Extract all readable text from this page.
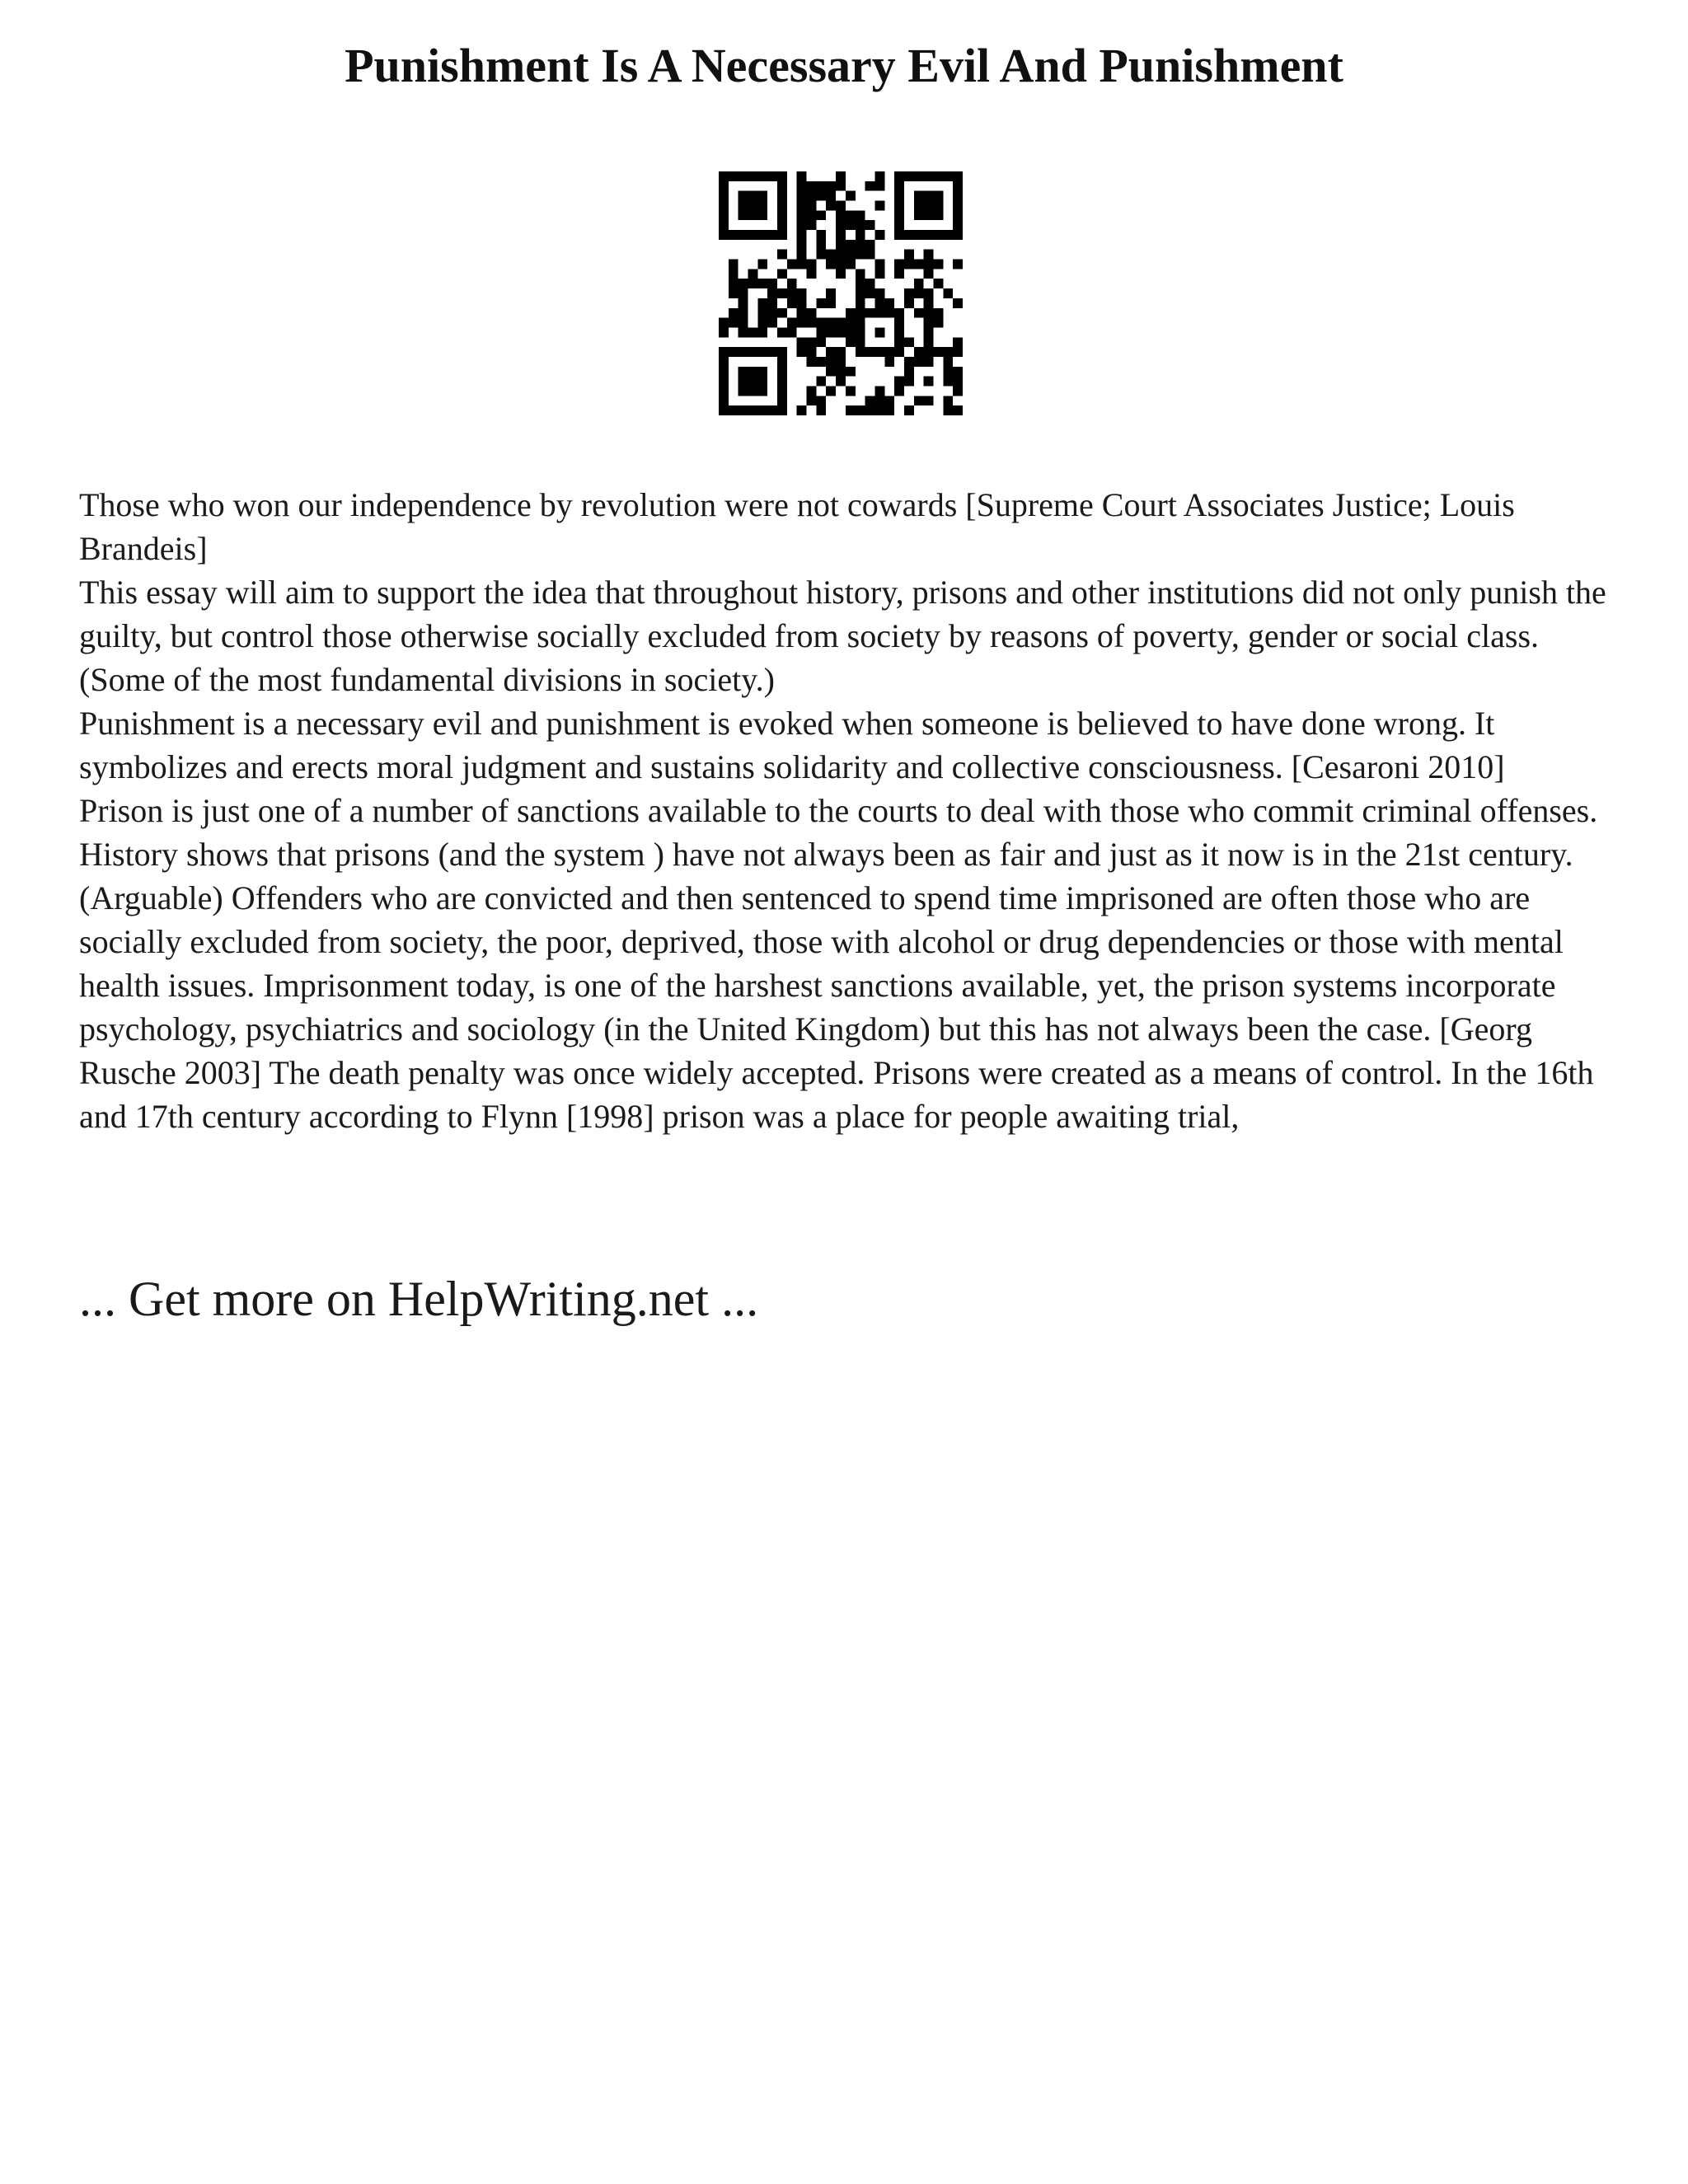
Punishment Is A Necessary Evil And Punishment

Those who won our independence by revolution were not cowards [Supreme Court Associates Justice; Louis Brandeis]

This essay will aim to support the idea that throughout history, prisons and other institutions did not only punish the guilty, but control those otherwise socially excluded from society by reasons of poverty, gender or social class. (Some of the most fundamental divisions in society.)

Punishment is a necessary evil and punishment is evoked when someone is believed to have done wrong. It symbolizes and erects moral judgment and sustains solidarity and collective consciousness. [Cesaroni 2010]

Prison is just one of a number of sanctions available to the courts to deal with those who commit criminal offenses. History shows that prisons (and the system ) have not always been as fair and just as it now is in the 21st century. (Arguable) Offenders who are convicted and then sentenced to spend time imprisoned are often those who are socially excluded from society, the poor, deprived, those with alcohol or drug dependencies or those with mental health issues. Imprisonment today, is one of the harshest sanctions available, yet, the prison systems incorporate psychology, psychiatrics and sociology (in the United Kingdom) but this has not always been the case. [Georg Rusche 2003] The death penalty was once widely accepted. Prisons were created as a means of control. In the 16th and 17th century according to Flynn [1998] prison was a place for people awaiting trial,

... Get more on HelpWriting.net ...
